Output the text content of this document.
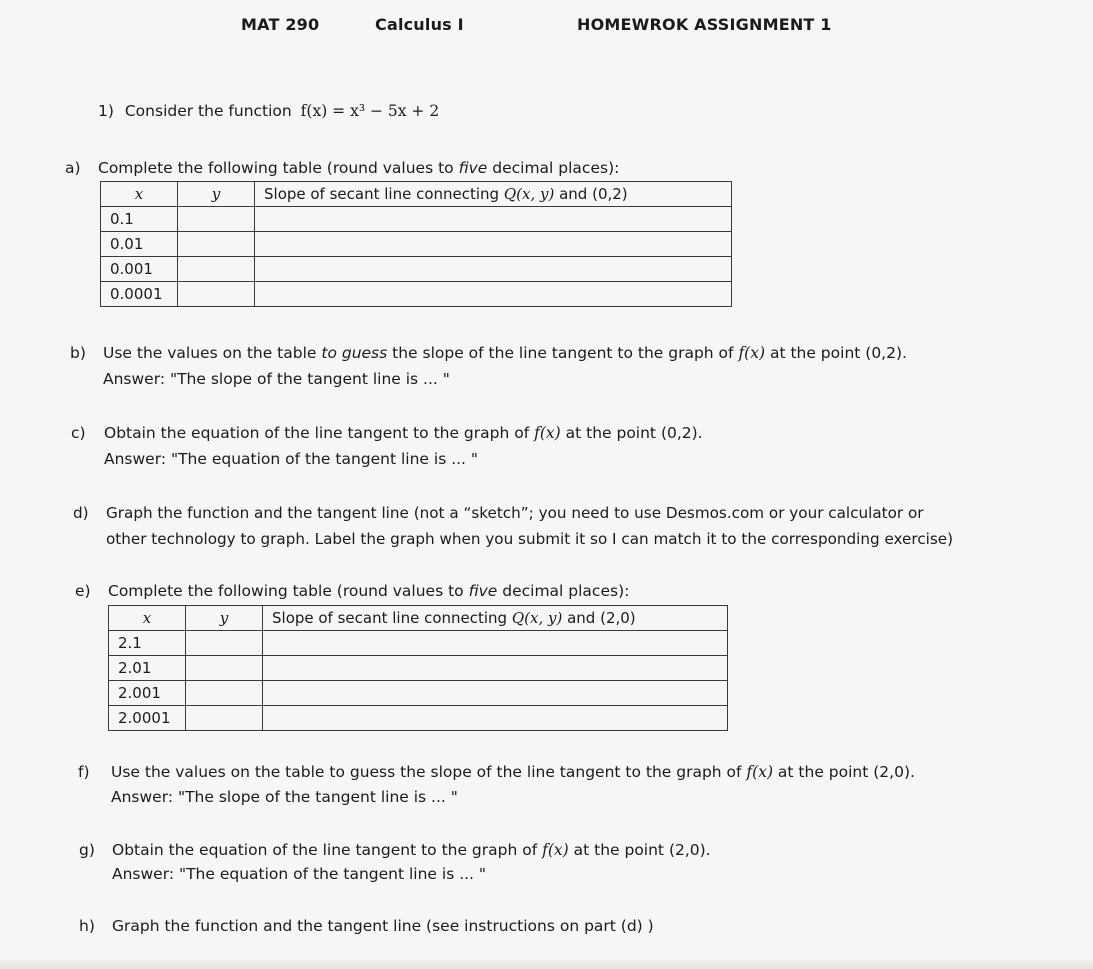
MAT 290	Calculus I	HOMEWROK ASSIGNMENT 1
1) Consider the function f(x) = x³ − 5x + 2
a) Complete the following table (round values to five decimal places):
x	y	Slope of secant line connecting Q(x, y) and (0,2)
0.1		
0.01		
0.001		
0.0001		
b) Use the values on the table to guess the slope of the line tangent to the graph of f(x) at the point (0,2).
Answer: "The slope of the tangent line is ... "
c) Obtain the equation of the line tangent to the graph of f(x) at the point (0,2).
Answer: "The equation of the tangent line is ... "
d) Graph the function and the tangent line (not a “sketch”; you need to use Desmos.com or your calculator or
other technology to graph. Label the graph when you submit it so I can match it to the corresponding exercise)
e) Complete the following table (round values to five decimal places):
x	y	Slope of secant line connecting Q(x, y) and (2,0)
2.1		
2.01		
2.001		
2.0001		
f) Use the values on the table to guess the slope of the line tangent to the graph of f(x) at the point (2,0).
Answer: "The slope of the tangent line is ... "
g) Obtain the equation of the line tangent to the graph of f(x) at the point (2,0).
Answer: "The equation of the tangent line is ... "
h) Graph the function and the tangent line (see instructions on part (d) )
